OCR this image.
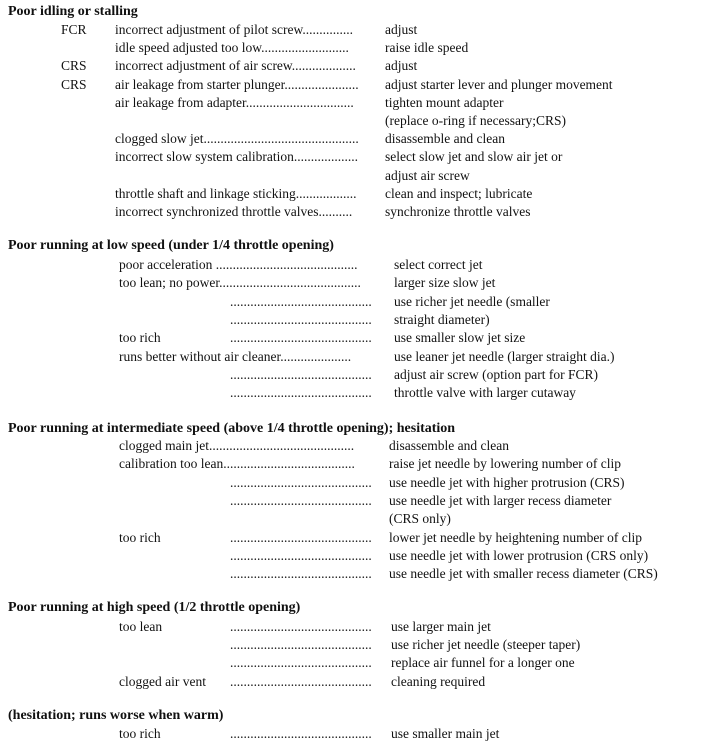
Poor idling or stalling
FCR incorrect adjustment of pilot screw............... adjust
idle speed adjusted too low..........................	raise idle speed
CRS incorrect adjustment of air screw................... adjust
CRS air leakage from starter plunger...................... adjust starter lever and plunger movement
air leakage from adapter................................ tighten mount adapter
(replace o-ring if necessary;CRS)
clogged slow jet.............................................. disassemble and clean
incorrect slow system calibration................... select slow jet and slow air jet or
adjust air screw
throttle shaft and linkage sticking.................. clean and inspect; lubricate
incorrect synchronized throttle valves.......... synchronize throttle valves
Poor running at low speed (under 1/4 throttle opening)
poor acceleration ..........................................	select correct jet
too lean; no power.......................................... larger size slow jet
.......................................... use richer jet needle (smaller
.......................................... straight diameter)
too rich	.......................................... use smaller slow jet size
runs better without air cleaner.....................	use leaner jet needle (larger straight dia.)
.......................................... adjust air screw (option part for FCR)
.......................................... throttle valve with larger cutaway
Poor running at intermediate speed (above 1/4 throttle opening); hesitation
clogged main jet...........................................	disassemble and clean
calibration too lean.......................................	raise jet needle by lowering number of clip
.......................................... use needle jet with higher protrusion (CRS)
.......................................... use needle jet with larger recess diameter
(CRS only)
too rich	.......................................... lower jet needle by heightening number of clip
.......................................... use needle jet with lower protrusion (CRS only)
.......................................... use needle jet with smaller recess diameter (CRS)
Poor running at high speed (1/2 throttle opening)
too lean	.......................................... use larger main jet
.......................................... use richer jet needle (steeper taper)
.......................................... replace air funnel for a longer one
clogged air vent .......................................... cleaning required
(hesitation; runs worse when warm)
too rich	.......................................... use smaller main jet
